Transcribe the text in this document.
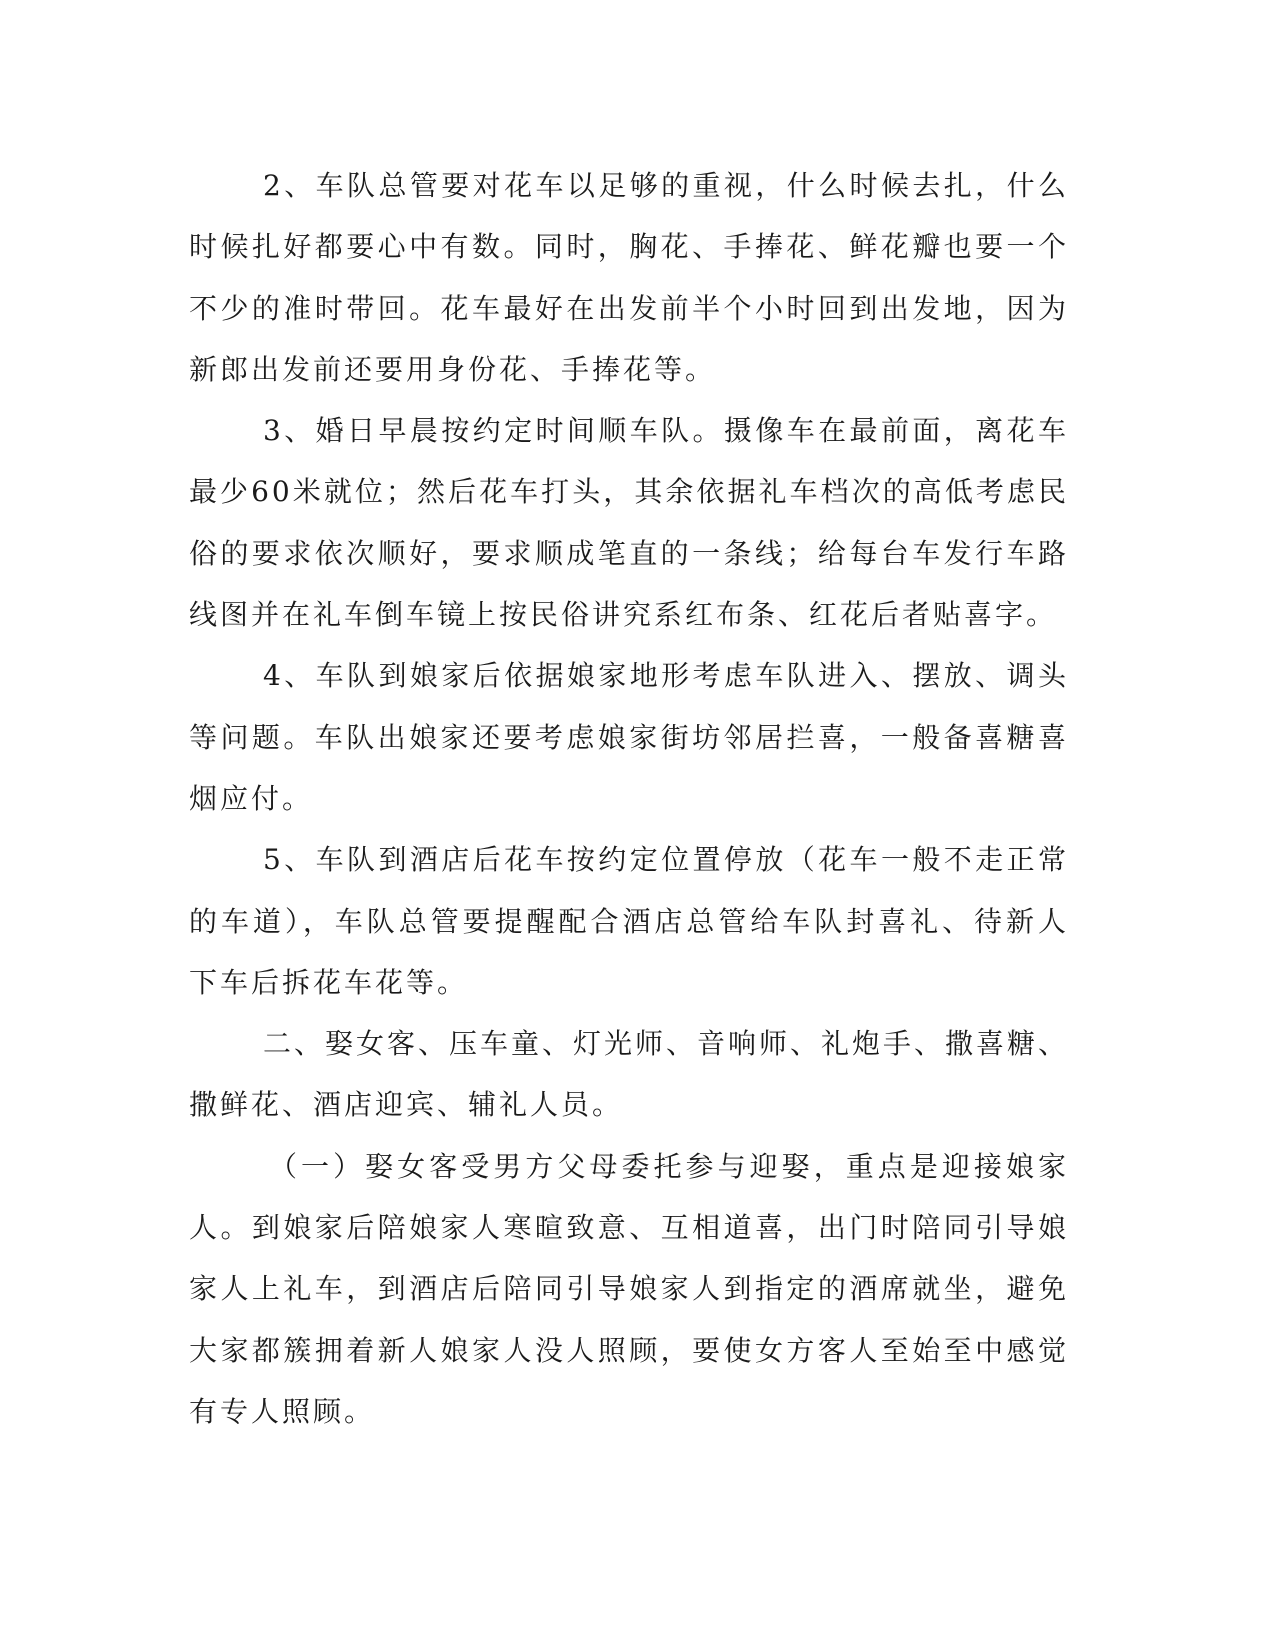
2、车队总管要对花车以足够的重视，什么时候去扎，什么时候扎好都要心中有数。同时，胸花、手捧花、鲜花瓣也要一个不少的准时带回。花车最好在出发前半个小时回到出发地，因为新郎出发前还要用身份花、手捧花等。

3、婚日早晨按约定时间顺车队。摄像车在最前面，离花车最少60米就位；然后花车打头，其余依据礼车档次的高低考虑民俗的要求依次顺好，要求顺成笔直的一条线；给每台车发行车路线图并在礼车倒车镜上按民俗讲究系红布条、红花后者贴喜字。

4、车队到娘家后依据娘家地形考虑车队进入、摆放、调头等问题。车队出娘家还要考虑娘家街坊邻居拦喜，一般备喜糖喜烟应付。

5、车队到酒店后花车按约定位置停放（花车一般不走正常的车道），车队总管要提醒配合酒店总管给车队封喜礼、待新人下车后拆花车花等。

二、娶女客、压车童、灯光师、音响师、礼炮手、撒喜糖、撒鲜花、酒店迎宾、辅礼人员。

（一）娶女客受男方父母委托参与迎娶，重点是迎接娘家人。到娘家后陪娘家人寒暄致意、互相道喜，出门时陪同引导娘家人上礼车，到酒店后陪同引导娘家人到指定的酒席就坐，避免大家都簇拥着新人娘家人没人照顾，要使女方客人至始至中感觉有专人照顾。
